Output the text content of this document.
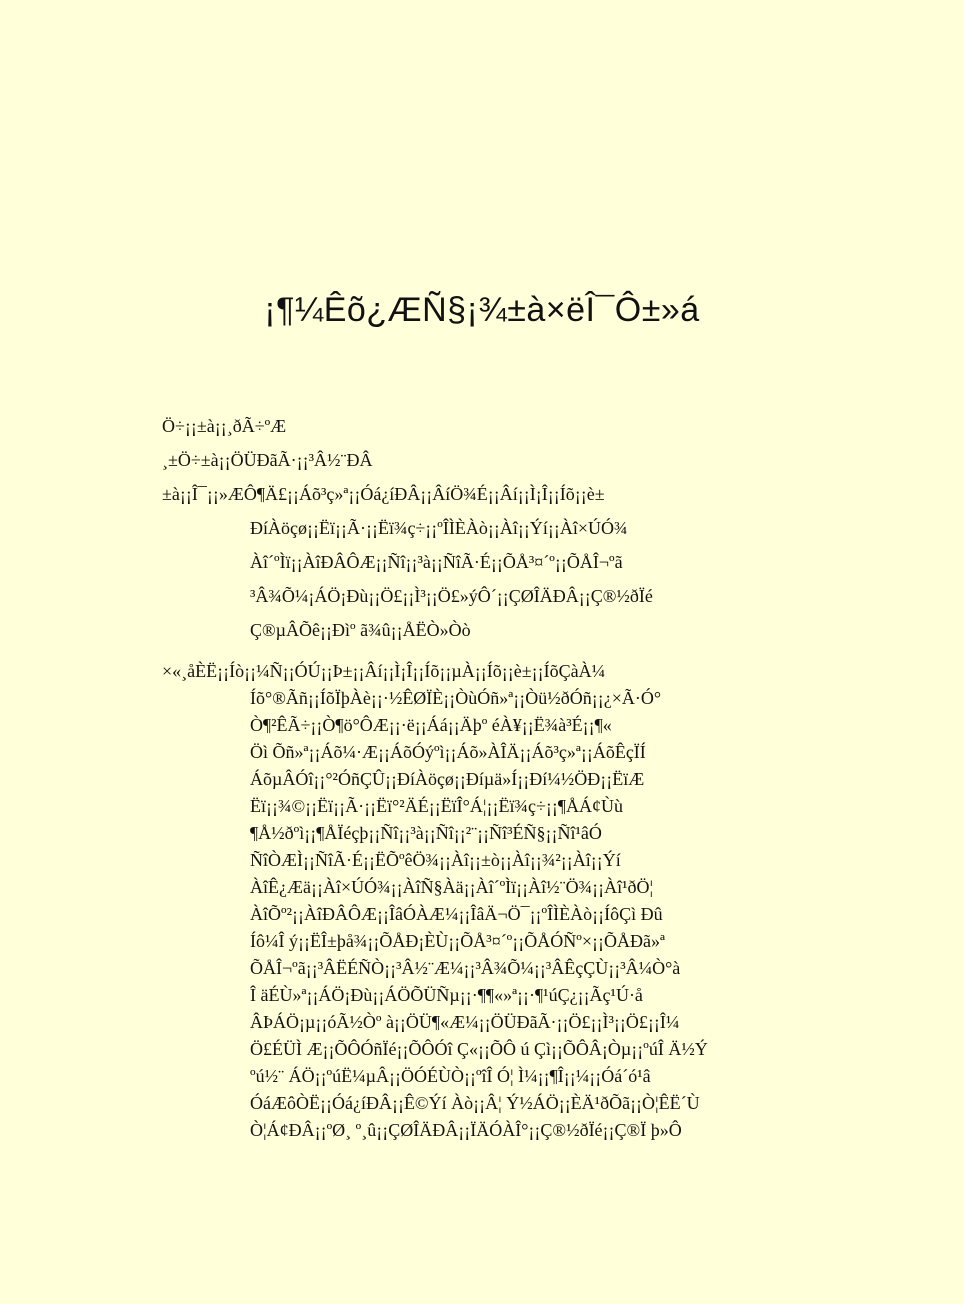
¡¶¼Êõ¿ÆÑ§¡¾±à×ëÎ¯Ô±»á
Ö÷¡¡±à¡¡¸ðÃ÷ºÆ
¸±Ö÷±à¡¡ÖÜÐãÃ·¡¡³Â½¨ÐÂ
±à¡¡Î¯¡¡»ÆÔ¶Ä£¡¡Áõ³ç»ª¡¡Óá¿íÐÂ¡¡ÂíÖ¾É¡¡Âí¡¡Ì¡Î¡¡Íõ¡¡è±
ÐíÀöçø¡¡Ëï¡¡Ã·¡¡Ëï¾ç÷¡¡ºÎÌÈÀò¡¡Àî¡¡Ýí¡¡Àî×ÚÓ¾
Àî´ºÌï¡¡ÀîÐÂÔÆ¡¡Ñî¡¡³à¡¡ÑîÃ·É¡¡ÕÅ³¤´º¡¡ÕÅÎ¬ºã
³Â¾Õ¼¡ÁÖ¡Ðù¡¡Ö£¡¡Ì³¡¡Ö£»ýÔ´¡¡ÇØÎÄÐÂ¡¡Ç®½ðÏé
Ç®µÂÕê¡¡Ðìº ã¾û¡¡ÅËÒ»Òò
×«¸åÈË¡¡Íò¡¡¼Ñ¡¡ÓÚ¡¡Þ±¡¡Âí¡¡Ì¡Î¡¡Íõ¡¡µÀ¡¡Íõ¡¡è±¡¡ÍõÇàÀ¼
Íõ°®Ãñ¡¡ÍõÏþÀè¡¡·½ÊØÏÈ¡¡ÒùÓñ»ª¡¡Òü½ðÓñ¡¡¿×Ã·Ó°
Ò¶²ÊÃ÷¡¡Ò¶ö°ÔÆ¡¡·ë¡¡Áá¡¡Äþº éÀ¥¡¡Ë¾à³É¡¡¶«
Öì Õñ»ª¡¡Áõ¼·Æ¡¡ÁõÓýºì¡¡Áõ»ÀÎÄ¡¡Áõ³ç»ª¡¡ÁõÊçÏÍ
ÁõµÂÓî¡¡°²ÓñÇÛ¡¡ÐíÀöçø¡¡Ðíµä»Í¡¡Ðí¼½ÖÐ¡¡ËïÆ
Ëï¡¡¾©¡¡Ëï¡¡Ã·¡¡Ëï°²ÄÉ¡¡ËïÎ°Á¦¡¡Ëï¾ç÷¡¡¶ÅÁ¢Ùù
¶Å½ðºì¡¡¶ÅÏéçþ¡¡Ñî¡¡³à¡¡Ñî¡¡²¨¡¡Ñî³ÉÑ§¡¡Ñî¹âÓ
ÑîÒÆÌ¡¡ÑîÃ·É¡¡ËÕºêÖ¾¡¡Àî¡¡±ò¡¡Àî¡¡¾²¡¡Àî¡¡Ýí
ÀîÊ¿Æä¡¡Àî×ÚÓ¾¡¡ÀîÑ§Àä¡¡Àî´ºÌï¡¡Àî½¨Ö¾¡¡Àî¹ðÖ¦
ÀîÕº²¡¡ÀîÐÂÔÆ¡¡ÎâÓÀÆ¼¡¡ÎâÄ¬Ö¯¡¡ºÎÌÈÀò¡¡ÍôÇì Ðû
Íô¼Î ý¡¡ËÎ±þå¾¡¡ÕÅÐ¡ÈÙ¡¡ÕÅ³¤´º¡¡ÕÅÓÑº×¡¡ÕÅÐã»ª
ÕÅÎ¬ºã¡¡³ÂËÉÑÒ¡¡³Â½¨Æ¼¡¡³Â¾Õ¼¡¡³ÂÊçÇÙ¡¡³Â¼Ò°à
Î äÉÙ»ª¡¡ÁÖ¡Ðù¡¡ÁÖÕÜÑµ¡¡·¶¶«»ª¡¡·¶¹úÇ¿¡¡Ãç¹Ú·å
ÂÞÁÖ¡µ¡¡óÃ½Òº à¡¡ÖÜ¶«Æ¼¡¡ÖÜÐãÃ·¡¡Ö£¡¡Ì³¡¡Ö£¡¡Î¼
Ö£ÉÜÌ Æ¡¡ÕÔÓñÏé¡¡ÕÔÓî Ç«¡¡ÕÔ ú Çì¡¡ÕÔÂ¡Òµ¡¡ºúÎ Ä½Ý
ºú½¨ ÁÖ¡¡ºúË¼µÂ¡¡ÖÓÉÙÒ¡¡ºîÎ Ó¦ Ì¼¡¡¶Î¡¡¼¡¡Óá´ó¹â
ÓáÆôÒË¡¡Óá¿íÐÂ¡¡Ê©Ýí Àò¡¡Â¦ Ý½ÁÖ¡¡ÈÄ¹ðÕã¡¡Ò¦ÊË´Ù
Ò¦Á¢ÐÂ¡¡ºØ¸ º¸û¡¡ÇØÎÄÐÂ¡¡ÏÄÓÀÎ°¡¡Ç®½ðÏé¡¡Ç®Ï þ»Ô
